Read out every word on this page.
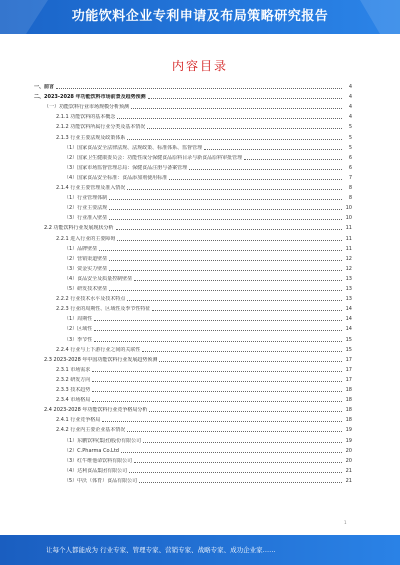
功能饮料企业专利申请及布局策略研究报告
内容目录
一、前言	4
二、2023-2028 年功能饮料市场前景及趋势预测	4
（一）功能饮料行业市场规模分析预测	4
2.1.1 功能饮料的基本概念	4
2.1.2 功能饮料所属行业分类及基本情况	5
2.1.3 行业主要法规及政策体系	5
（1）国家食品安全法律法规、法规政策、标准体系、监督管理	5
（2）国家卫生健康委员会：功能性成分保健食品原料目录与新食品原料审批管理	6
（3）国家市场监督管理总局：保健食品注册与备案管理	6
（4）国家食品安全标准：食品添加剂使用标准	7
2.1.4 行业主要管理及准入情况	8
（1）行业管理体制	8
（2）行业主要法规	10
（3）行业准入壁垒	10
2.2 功能饮料行业发展现状分析	11
2.2.1 进入行业的主要障碍	11
（1）品牌壁垒	11
（2）营销渠道壁垒	12
（3）资金实力壁垒	12
（4）食品安全及质量控制壁垒	13
（5）研发技术壁垒	13
2.2.2 行业技术水平及技术特点	13
2.2.3 行业的周期性、区域性及季节性特征	14
（1）周期性	14
（2）区域性	14
（3）季节性	15
2.2.4 行业与上下游行业之间的关联性	15
2.3 2023-2028 年中国功能饮料行业发展趋势预测	17
2.3.1 市场需求	17
2.3.2 研发方向	17
2.3.3 技术趋势	18
2.3.4 市场格局	18
2.4 2023-2028 年功能饮料行业竞争格局分析	18
2.4.1 行业竞争格局	18
2.4.2 行业内主要企业基本情况	19
（1）东鹏饮料(集团)股份有限公司	19
（2）C.Pharma Co.Ltd	20
（3）红牛维他命饮料有限公司	20
（4）达利食品集团有限公司	21
（5）中沃（体育）食品有限公司	21
1
让每个人都能成为 行业专家、管理专家、营销专家、战略专家、成功企业家……
